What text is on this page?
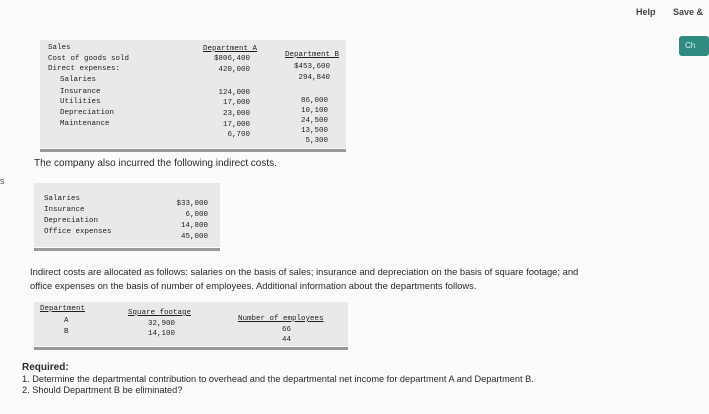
Help Save &
Ch
s
Department A
Department B
Sales
Cost of goods sold
Direct expenses:
Salaries
Insurance
Utilities
Depreciation
Maintenance
$806,400
420,000
124,000
17,000
23,000
17,000
6,700
$453,600
294,840
86,000
10,100
24,500
13,500
5,300
The company also incurred the following indirect costs.
Salaries
Insurance
Depreciation
Office expenses
$33,000
6,000
14,800
45,000
Indirect costs are allocated as follows: salaries on the basis of sales; insurance and depreciation on the basis of square footage; and
office expenses on the basis of number of employees. Additional information about the departments follows.
Department	Square footage
Number of employees
A
B
32,900
14,100	66
44
Required:
1. Determine the departmental contribution to overhead and the departmental net income for department A and Department B.
2. Should Department B be eliminated?
